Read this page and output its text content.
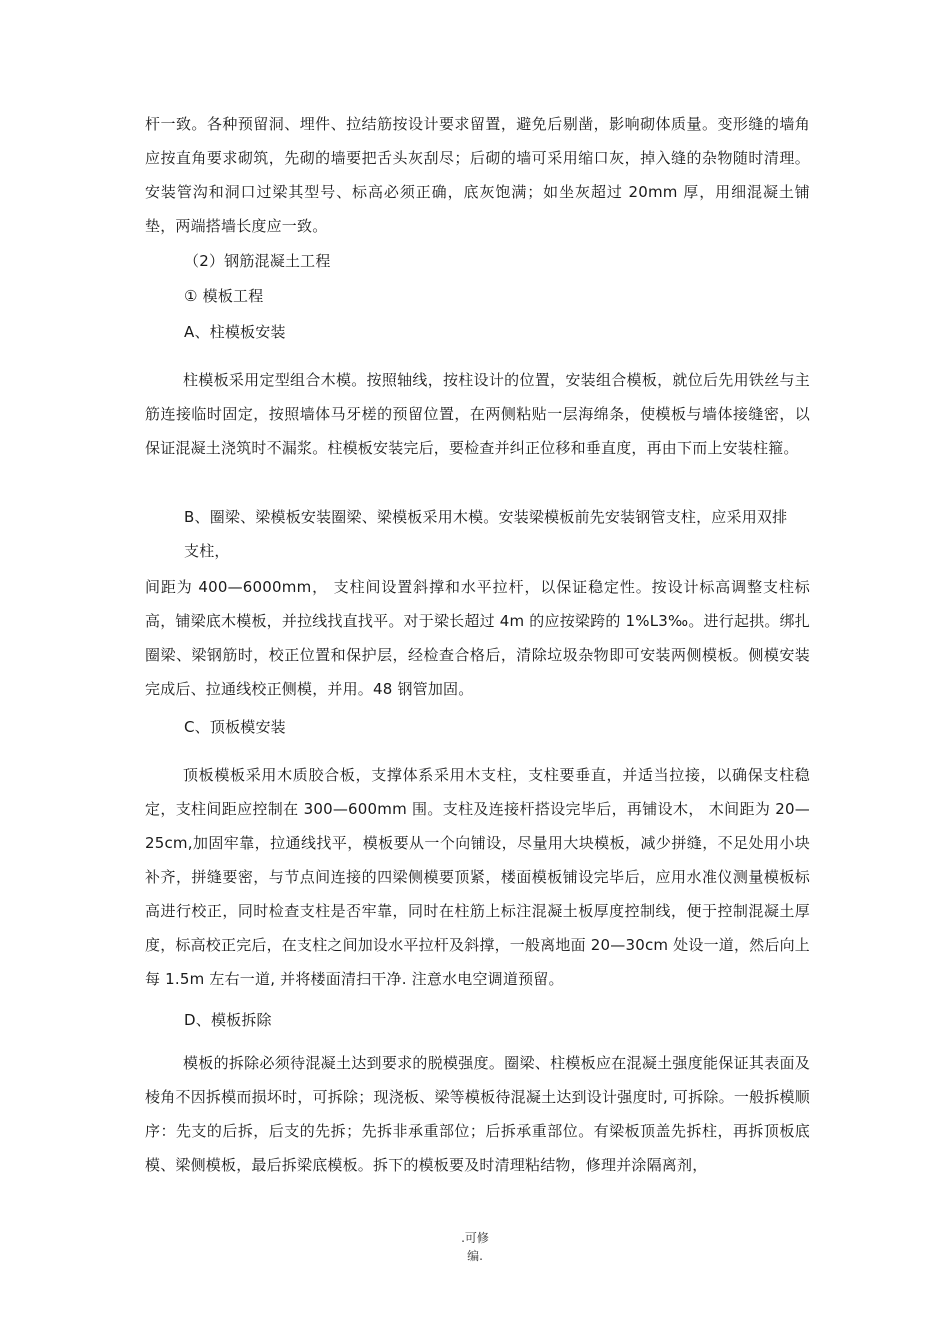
杆一致。各种预留洞、埋件、拉结筋按设计要求留置，避免后剔凿，影响砌体质量。变形缝的墙角应按直角要求砌筑，先砌的墙要把舌头灰刮尽；后砌的墙可采用缩口灰，掉入缝的杂物随时清理。安装管沟和洞口过梁其型号、标高必须正确，底灰饱满；如坐灰超过 20mm 厚，用细混凝土铺垫，两端搭墙长度应一致。
（2）钢筋混凝土工程
① 模板工程
A、柱模板安装
柱模板采用定型组合木模。按照轴线，按柱设计的位置，安装组合模板，就位后先用铁丝与主筋连接临时固定，按照墙体马牙槎的预留位置，在两侧粘贴一层海绵条，使模板与墙体接缝密，以保证混凝土浇筑时不漏浆。柱模板安装完后，要检查并纠正位移和垂直度，再由下而上安装柱箍。
B、圈梁、梁模板安装圈梁、梁模板采用木模。安装梁模板前先安装钢管支柱，应采用双排
支柱，
间距为 400—6000mm， 支柱间设置斜撑和水平拉杆，以保证稳定性。按设计标高调整支柱标高，铺梁底木模板，并拉线找直找平。对于梁长超过 4m 的应按梁跨的 1%L3‰。进行起拱。绑扎圈梁、梁钢筋时，校正位置和保护层，经检查合格后，清除垃圾杂物即可安装两侧模板。侧模安装完成后、拉通线校正侧模，并用。48 钢管加固。
C、顶板模安装
顶板模板采用木质胶合板，支撑体系采用木支柱，支柱要垂直，并适当拉接，以确保支柱稳定，支柱间距应控制在 300—600mm 围。支柱及连接杆搭设完毕后，再铺设木， 木间距为 20—25cm,加固牢靠，拉通线找平，模板要从一个向铺设，尽量用大块模板，减少拼缝，不足处用小块补齐，拼缝要密，与节点间连接的四梁侧模要顶紧，楼面模板铺设完毕后，应用水准仪测量模板标高进行校正，同时检查支柱是否牢靠，同时在柱筋上标注混凝土板厚度控制线，便于控制混凝土厚度，标高校正完后，在支柱之间加设水平拉杆及斜撑，一般离地面 20—30cm 处设一道，然后向上每 1.5m 左右一道, 并将楼面清扫干净. 注意水电空调道预留。
D、模板拆除
模板的拆除必须待混凝土达到要求的脱模强度。圈梁、柱模板应在混凝土强度能保证其表面及棱角不因拆模而损坏时，可拆除；现浇板、梁等模板待混凝土达到设计强度时, 可拆除。一般拆模顺序：先支的后拆，后支的先拆；先拆非承重部位；后拆承重部位。有梁板顶盖先拆柱，再拆顶板底模、梁侧模板，最后拆梁底模板。拆下的模板要及时清理粘结物，修理并涂隔离剂，
.可修
编.
